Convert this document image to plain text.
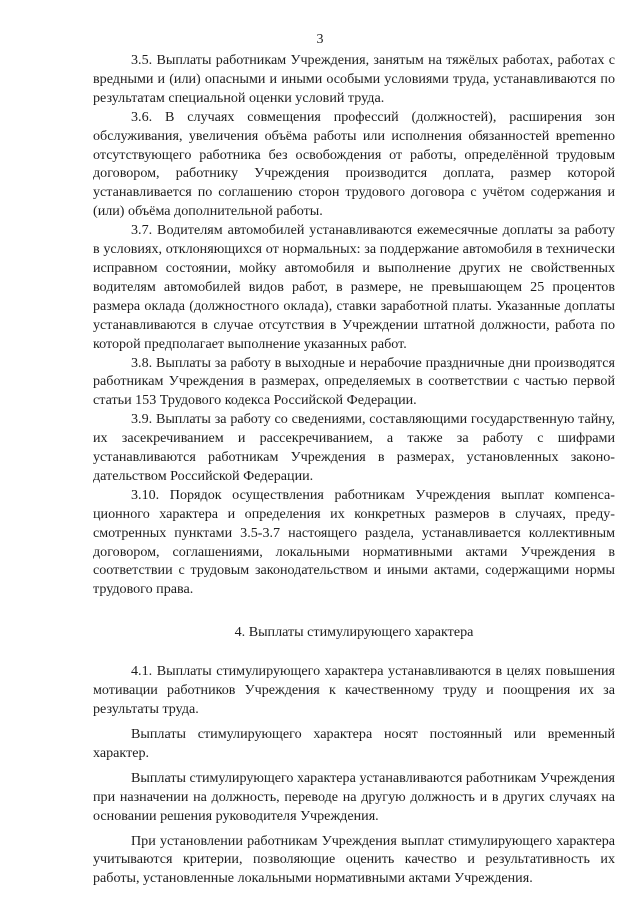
3

3.5. Выплаты работникам Учреждения, занятым на тяжёлых работах, работах с вредными и (или) опасными и иными особыми условиями труда, устанавливаются по результатам специальной оценки условий труда.

3.6. В случаях совмещения профессий (должностей), расширения зон обслуживания, увеличения объёма работы или исполнения обязанностей вреmенно отсутствующего работника без освобождения от работы, определённой трудовым договором, работнику Учреждения производится доплата, размер которой устанавливается по соглашению сторон трудового договора с учётом содержания и (или) объёма дополнительной работы.

3.7. Водителям автомобилей устанавливаются ежемесячные доплаты за работу в условиях, отклоняющихся от нормальных: за поддержание автомобиля в технически исправном состоянии, мойку автомобиля и выполнение других не свойственных водителям автомобилей видов работ, в размере, не превышающем 25 процентов размера оклада (должностного оклада), ставки заработной платы. Указанные доплаты устанавливаются в случае отсутствия в Учреждении штатной должности, работа по которой предполагает выполнение указанных работ.

3.8. Выплаты за работу в выходные и нерабочие праздничные дни производятся работникам Учреждения в размерах, определяемых в соответствии с частью первой статьи 153 Трудового кодекса Российской Федерации.

3.9. Выплаты за работу со сведениями, составляющими государственную тайну, их засекречиванием и рассекречиванием, а также за работу с шифрами устанавливаются работникам Учреждения в размерах, установленных законодательством Российской Федерации.

3.10. Порядок осуществления работникам Учреждения выплат компенсационного характера и определения их конкретных размеров в случаях, предусмотренных пунктами 3.5-3.7 настоящего раздела, устанавливается коллективным договором, соглашениями, локальными нормативными актами Учреждения в соответствии с трудовым законодательством и иными актами, содержащими нормы трудового права.

4. Выплаты стимулирующего характера

4.1. Выплаты стимулирующего характера устанавливаются в целях повышения мотивации работников Учреждения к качественному труду и поощрения их за результаты труда.

Выплаты стимулирующего характера носят постоянный или временный характер.

Выплаты стимулирующего характера устанавливаются работникам Учреждения при назначении на должность, переводе на другую должность и в других случаях на основании решения руководителя Учреждения.

При установлении работникам Учреждения выплат стимулирующего характера учитываются критерии, позволяющие оценить качество и результативность их работы, установленные локальными нормативными актами Учреждения.
